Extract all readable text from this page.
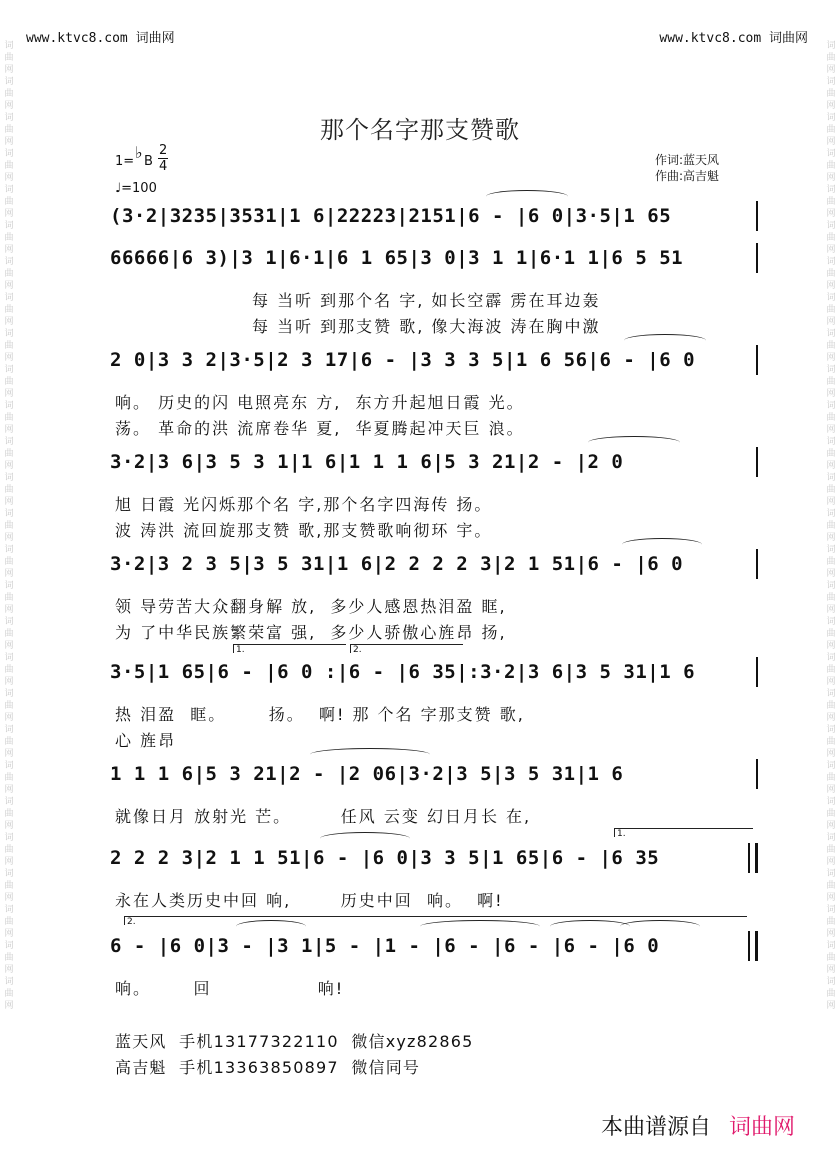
词曲网词曲网词曲网词曲网词曲网词曲网词曲网词曲网词曲网词曲网词曲网词曲网词曲网词曲网词曲网词曲网词曲网词曲网词曲网词曲网词曲网词曲网词曲网词曲网词曲网词曲网词曲网
词曲网词曲网词曲网词曲网词曲网词曲网词曲网词曲网词曲网词曲网词曲网词曲网词曲网词曲网词曲网词曲网词曲网词曲网词曲网词曲网词曲网词曲网词曲网词曲网词曲网词曲网词曲网
www.ktvc8.com 词曲网	www.ktvc8.com 词曲网
那个名字那支赞歌
1= ♭ B
2
4
♩=100
作词:蓝天风
作曲:高吉魁
(3·2|3235|3531|1 6|22223|2151|6 - |6 0|3·5|1 65
66666|6 3)|3 1|6·1|6 1 65|3 0|3 1 1|6·1 1|6 5 51
每 当听 到那个名 字, 如长空霹 雳在耳边轰
每 当听 到那支赞 歌, 像大海波 涛在胸中激
2 0|3 3 2|3·5|2 3 17|6 - |3 3 3 5|1 6 56|6 - |6 0
响。 历史的闪 电照亮东 方,  东方升起旭日霞 光。
荡。 革命的洪 流席卷华 夏,  华夏腾起冲天巨 浪。
3·2|3 6|3 5 3 1|1 6|1 1 1 6|5 3 21|2 - |2 0
旭 日霞 光闪烁那个名 字,那个名字四海传 扬。
波 涛洪 流回旋那支赞 歌,那支赞歌响彻环 宇。
3·2|3 2 3 5|3 5 31|1 6|2 2 2 2 3|2 1 51|6 - |6 0
领 导劳苦大众翻身解 放,  多少人感恩热泪盈 眶,
为 了中华民族繁荣富 强,  多少人骄傲心旌昂 扬,
1.	2.
3·5|1 65|6 - |6 0 :|6 - |6 35|:3·2|3 6|3 5 31|1 6
热 泪盈  眶。      扬。  啊! 那 个名 字那支赞 歌,
心 旌昂
1 1 1 6|5 3 21|2 - |2 06|3·2|3 5|3 5 31|1 6
就像日月 放射光 芒。       任风 云变 幻日月长 在,
1.
2 2 2 3|2 1 1 51|6 - |6 0|3 3 5|1 65|6 - |6 35
永在人类历史中回 响,       历史中回  响。  啊!
2.
6 - |6 0|3 - |3 1|5 - |1 - |6 - |6 - |6 - |6 0
响。      回               响!
蓝天风  手机13177322110  微信xyz82865
高吉魁  手机13363850897  微信同号
本曲谱源自 词曲网
